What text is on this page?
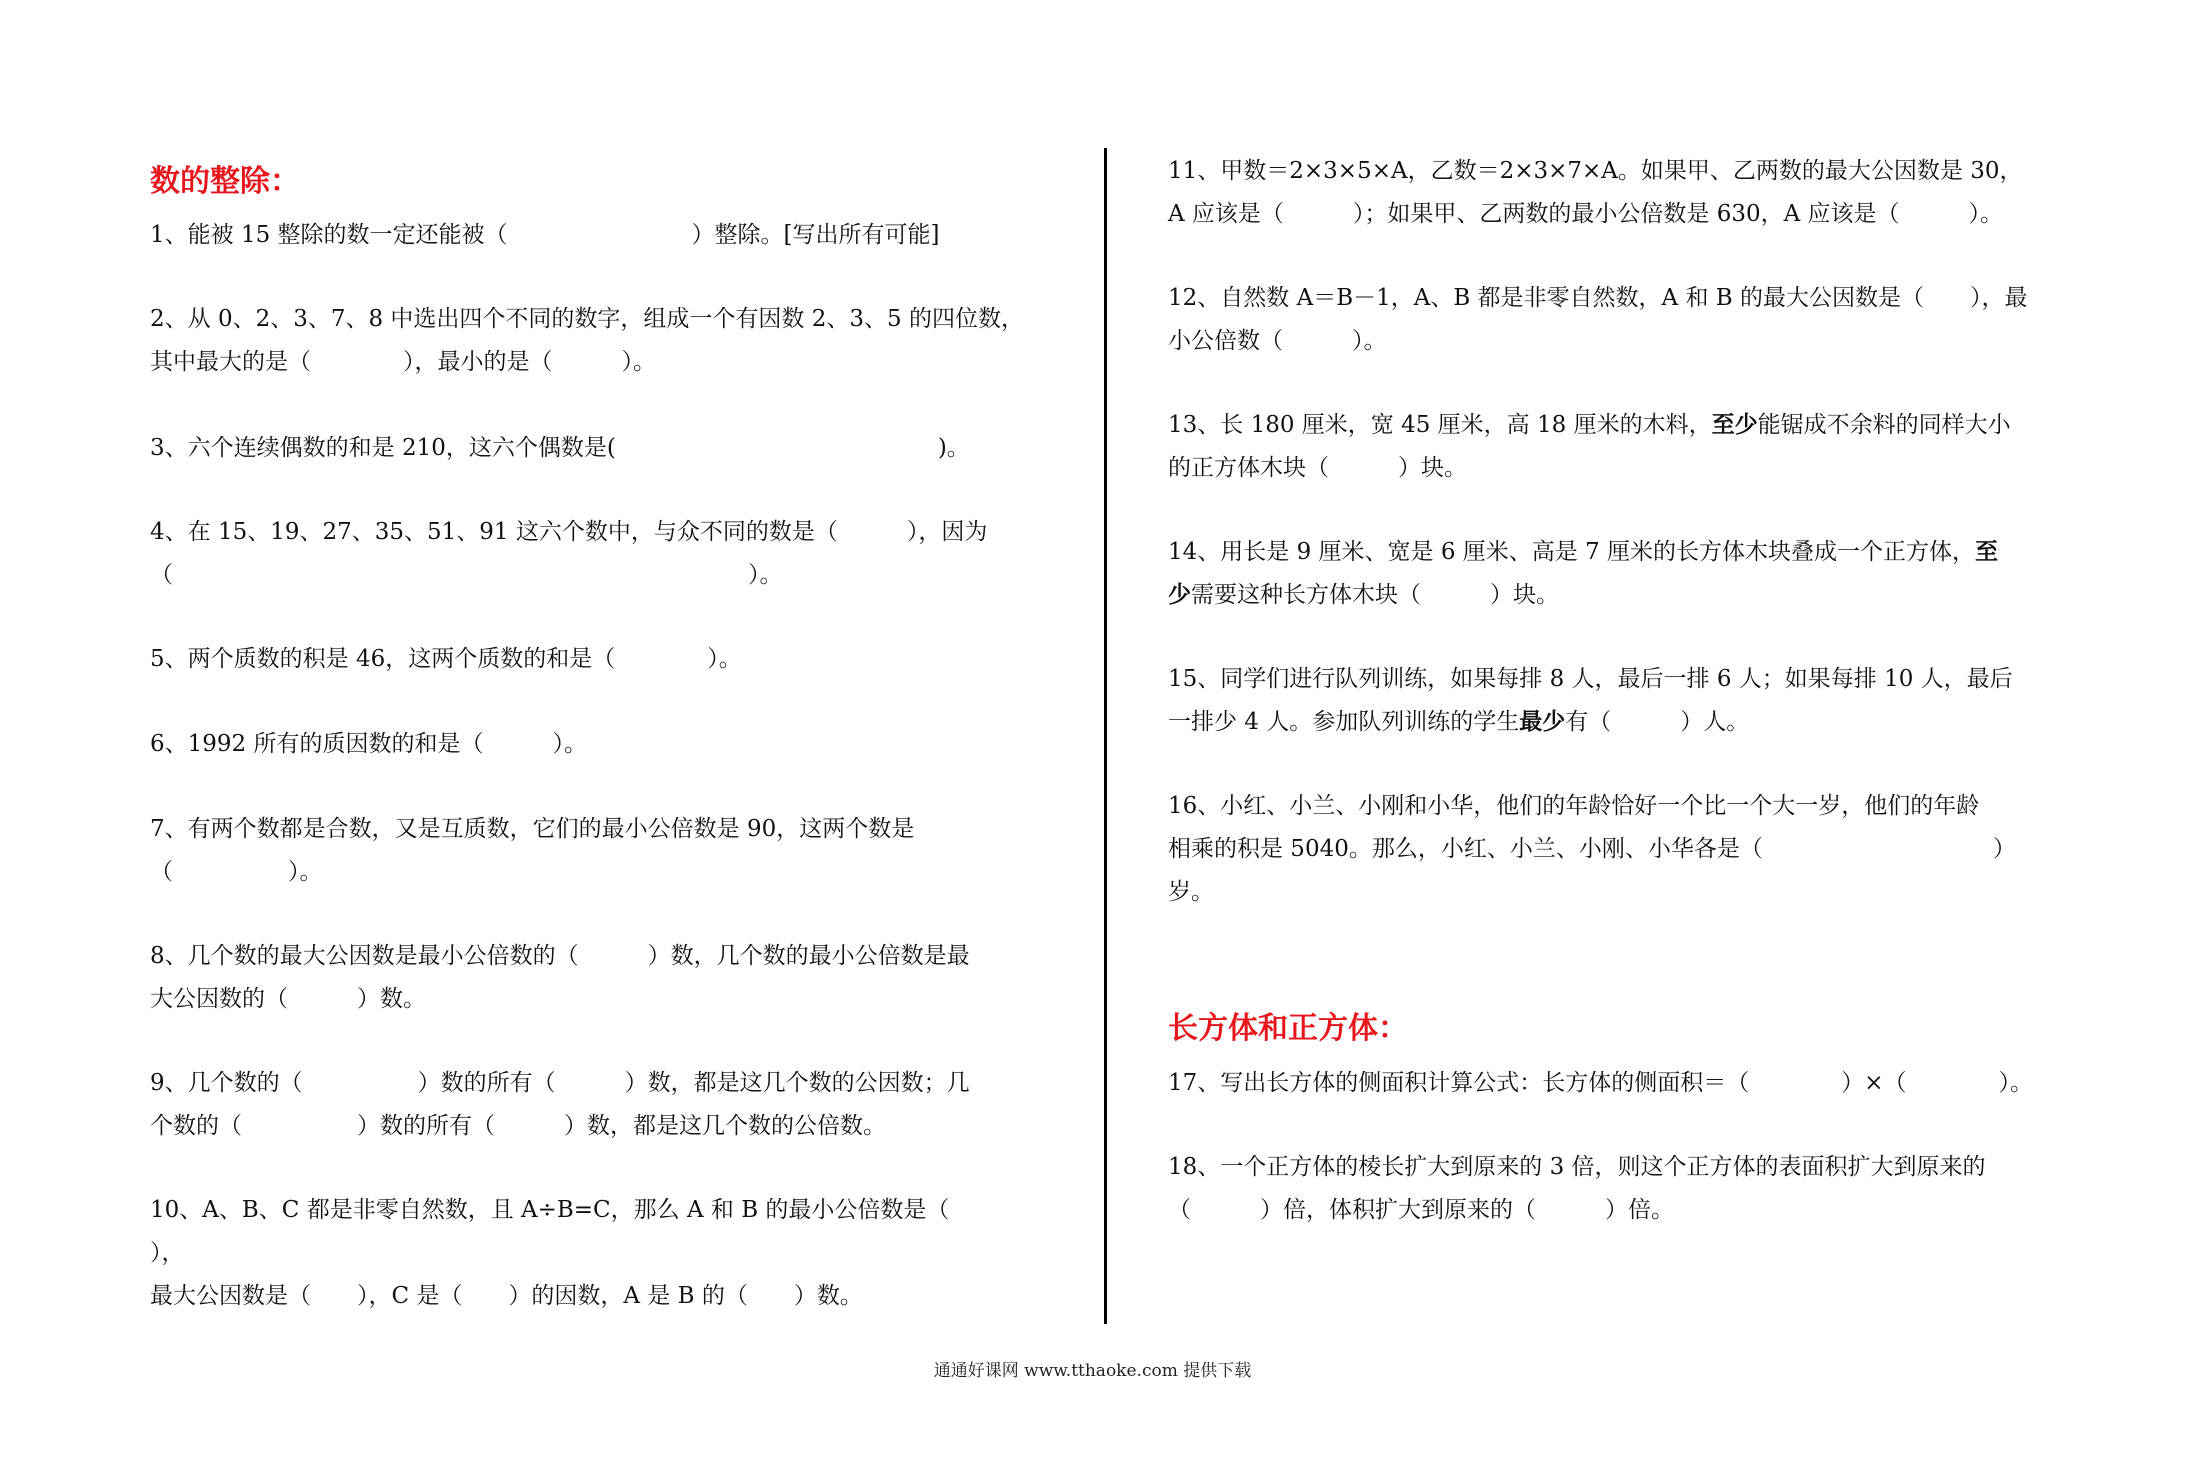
数的整除：

1、能被 15 整除的数一定还能被（　　　　　　　　）整除。[写出所有可能]

2、从 0、2、3、7、8 中选出四个不同的数字，组成一个有因数 2、3、5 的四位数，
其中最大的是（　　　　），最小的是（　　　）。

3、六个连续偶数的和是 210，这六个偶数是(　　　　　　　　　　　　　　)。

4、在 15、19、27、35、51、91 这六个数中，与众不同的数是（　　　），因为
（　　　　　　　　　　　　　　　　　　　　　　　　　）。

5、两个质数的积是 46，这两个质数的和是（　　　　）。

6、1992 所有的质因数的和是（　　　）。

7、有两个数都是合数，又是互质数，它们的最小公倍数是 90，这两个数是
（　　　　　）。

8、几个数的最大公因数是最小公倍数的（　　　）数，几个数的最小公倍数是最
大公因数的（　　　）数。

9、几个数的（　　　　　）数的所有（　　　）数，都是这几个数的公因数；几
个数的（　　　　　）数的所有（　　　）数，都是这几个数的公倍数。

10、A、B、C 都是非零自然数，且 A÷B=C，那么 A 和 B 的最小公倍数是（　　　），
最大公因数是（　　），C 是（　　）的因数，A 是 B 的（　　）数。

11、甲数＝2×3×5×A，乙数＝2×3×7×A。如果甲、乙两数的最大公因数是 30，
A 应该是（　　　）；如果甲、乙两数的最小公倍数是 630，A 应该是（　　　）。

12、自然数 A＝B－1，A、B 都是非零自然数，A 和 B 的最大公因数是（　　），最
小公倍数（　　　）。

13、长 180 厘米，宽 45 厘米，高 18 厘米的木料，至少能锯成不余料的同样大小
的正方体木块（　　　）块。

14、用长是 9 厘米、宽是 6 厘米、高是 7 厘米的长方体木块叠成一个正方体，至
少需要这种长方体木块（　　　）块。

15、同学们进行队列训练，如果每排 8 人，最后一排 6 人；如果每排 10 人，最后
一排少 4 人。参加队列训练的学生最少有（　　　）人。

16、小红、小兰、小刚和小华，他们的年龄恰好一个比一个大一岁，他们的年龄
相乘的积是 5040。那么，小红、小兰、小刚、小华各是（　　　　　　　　　　）
岁。

长方体和正方体：

17、写出长方体的侧面积计算公式：长方体的侧面积＝（　　　　）×（　　　　）。

18、一个正方体的棱长扩大到原来的 3 倍，则这个正方体的表面积扩大到原来的
（　　　）倍，体积扩大到原来的（　　　）倍。

通通好课网 www.tthaoke.com 提供下载
